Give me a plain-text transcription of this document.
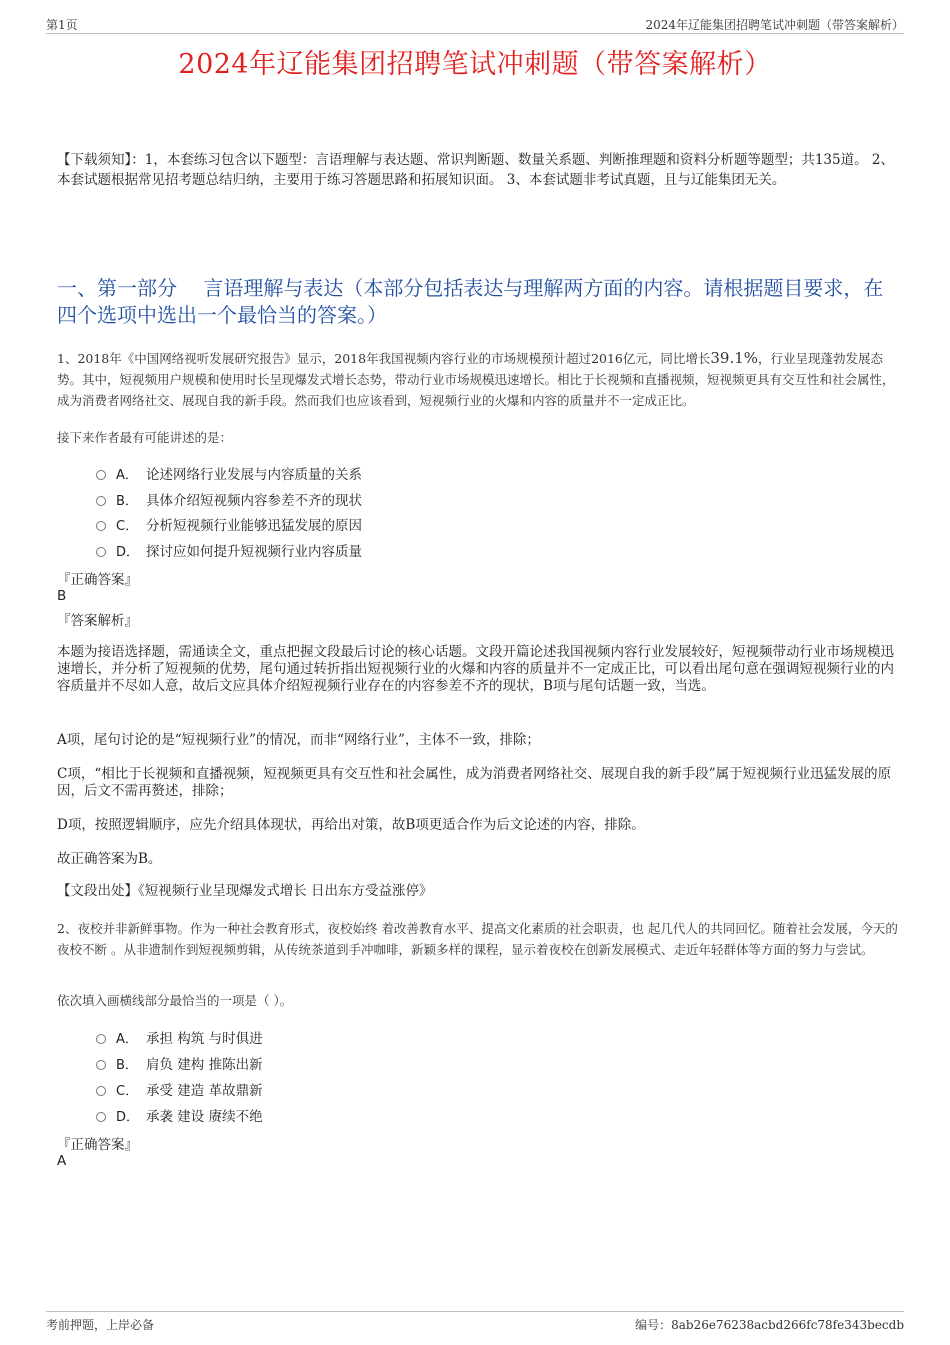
第1页	2024年辽能集团招聘笔试冲刺题（带答案解析）
2024年辽能集团招聘笔试冲刺题（带答案解析）
【下载须知】：1，本套练习包含以下题型：言语理解与表达题、常识判断题、数量关系题、判断推理题和资料分析题等题型；共135道。 2、本套试题根据常见招考题总结归纳，主要用于练习答题思路和拓展知识面。 3、本套试题非考试真题，且与辽能集团无关。
一、第一部分　 言语理解与表达（本部分包括表达与理解两方面的内容。请根据题目要求，在四个选项中选出一个最恰当的答案。）
1、2018年《中国网络视听发展研究报告》显示，2018年我国视频内容行业的市场规模预计超过2016亿元，同比增长39.1%，行业呈现蓬勃发展态势。其中，短视频用户规模和使用时长呈现爆发式增长态势，带动行业市场规模迅速增长。相比于长视频和直播视频，短视频更具有交互性和社会属性，成为消费者网络社交、展现自我的新手段。然而我们也应该看到，短视频行业的火爆和内容的质量并不一定成正比。
接下来作者最有可能讲述的是：
A． 论述网络行业发展与内容质量的关系
B． 具体介绍短视频内容参差不齐的现状
C． 分析短视频行业能够迅猛发展的原因
D． 探讨应如何提升短视频行业内容质量
『正确答案』
B
『答案解析』
本题为接语选择题，需通读全文，重点把握文段最后讨论的核心话题。文段开篇论述我国视频内容行业发展较好，短视频带动行业市场规模迅速增长，并分析了短视频的优势，尾句通过转折指出短视频行业的火爆和内容的质量并不一定成正比，可以看出尾句意在强调短视频行业的内容质量并不尽如人意，故后文应具体介绍短视频行业存在的内容参差不齐的现状，B项与尾句话题一致，当选。
A项，尾句讨论的是“短视频行业”的情况，而非“网络行业”，主体不一致，排除；
C项，“相比于长视频和直播视频，短视频更具有交互性和社会属性，成为消费者网络社交、展现自我的新手段”属于短视频行业迅猛发展的原因，后文不需再赘述，排除；
D项，按照逻辑顺序，应先介绍具体现状，再给出对策，故B项更适合作为后文论述的内容，排除。
故正确答案为B。
【文段出处】《短视频行业呈现爆发式增长 日出东方受益涨停》
2、夜校并非新鲜事物。作为一种社会教育形式，夜校始终 着改善教育水平、提高文化素质的社会职责，也 起几代人的共同回忆。随着社会发展，今天的夜校不断 。从非遗制作到短视频剪辑，从传统茶道到手冲咖啡，新颖多样的课程，显示着夜校在创新发展模式、走近年轻群体等方面的努力与尝试。
依次填入画横线部分最恰当的一项是（ ）。
A． 承担 构筑 与时俱进
B． 肩负 建构 推陈出新
C． 承受 建造 革故鼎新
D． 承袭 建设 赓续不绝
『正确答案』
A
考前押题，上岸必备	编号：8ab26e76238acbd266fc78fe343becdb
